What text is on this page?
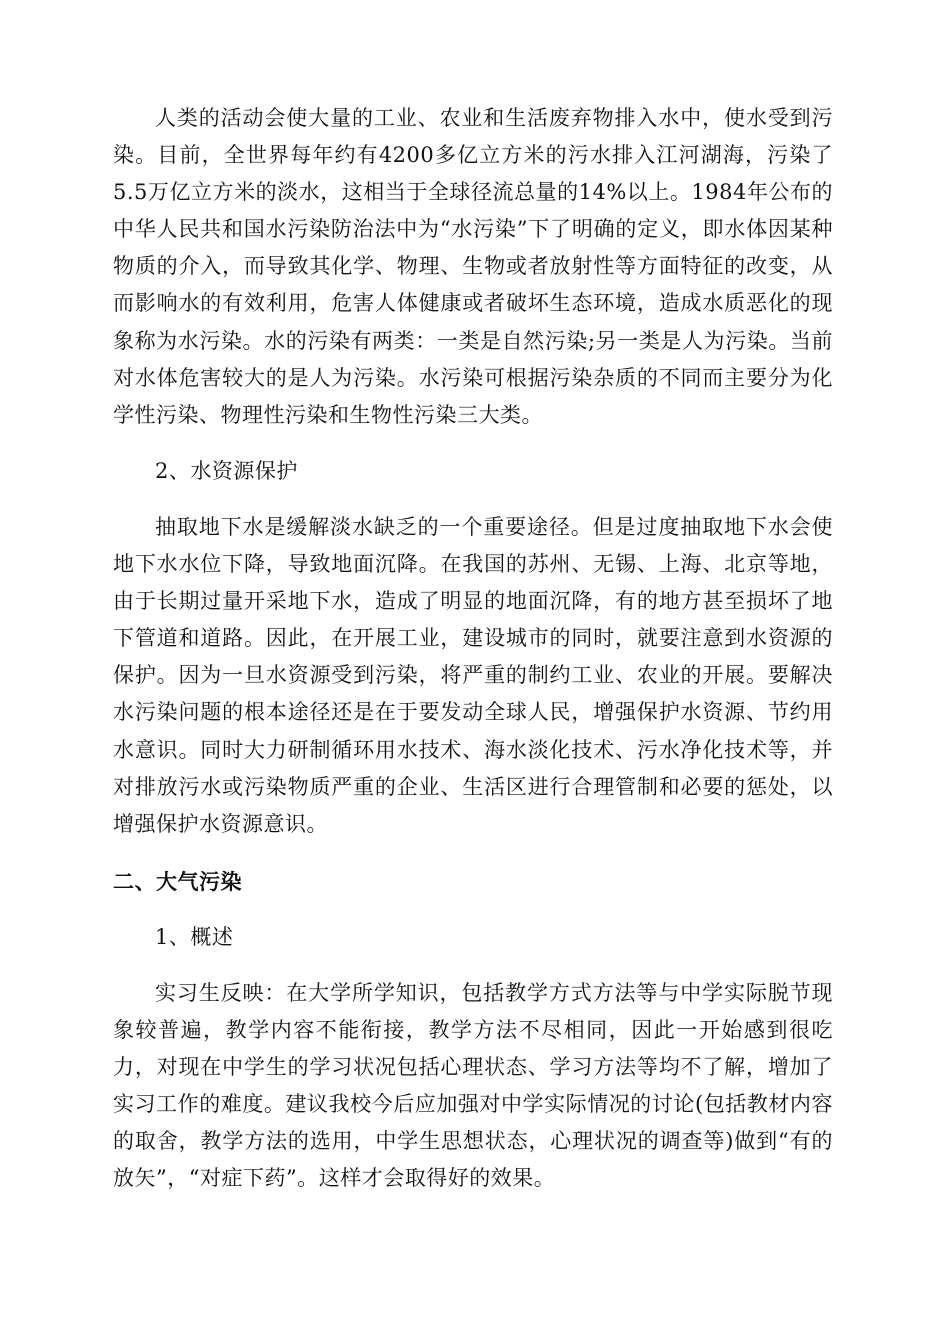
人类的活动会使大量的工业、农业和生活废弃物排入水中，使水受到污染。目前，全世界每年约有4200多亿立方米的污水排入江河湖海，污染了5.5万亿立方米的淡水，这相当于全球径流总量的14%以上。1984年公布的中华人民共和国水污染防治法中为“水污染”下了明确的定义，即水体因某种物质的介入，而导致其化学、物理、生物或者放射性等方面特征的改变，从而影响水的有效利用，危害人体健康或者破坏生态环境，造成水质恶化的现象称为水污染。水的污染有两类：一类是自然污染;另一类是人为污染。当前对水体危害较大的是人为污染。水污染可根据污染杂质的不同而主要分为化学性污染、物理性污染和生物性污染三大类。

2、水资源保护

抽取地下水是缓解淡水缺乏的一个重要途径。但是过度抽取地下水会使地下水水位下降，导致地面沉降。在我国的苏州、无锡、上海、北京等地，由于长期过量开采地下水，造成了明显的地面沉降，有的地方甚至损坏了地下管道和道路。因此，在开展工业，建设城市的同时，就要注意到水资源的保护。因为一旦水资源受到污染，将严重的制约工业、农业的开展。要解决水污染问题的根本途径还是在于要发动全球人民，增强保护水资源、节约用水意识。同时大力研制循环用水技术、海水淡化技术、污水净化技术等，并对排放污水或污染物质严重的企业、生活区进行合理管制和必要的惩处，以增强保护水资源意识。

二、大气污染

1、概述

实习生反映：在大学所学知识，包括教学方式方法等与中学实际脱节现象较普遍，教学内容不能衔接，教学方法不尽相同，因此一开始感到很吃力，对现在中学生的学习状况包括心理状态、学习方法等均不了解，增加了实习工作的难度。建议我校今后应加强对中学实际情况的讨论(包括教材内容的取舍，教学方法的选用，中学生思想状态，心理状况的调查等)做到“有的放矢”，“对症下药”。这样才会取得好的效果。
